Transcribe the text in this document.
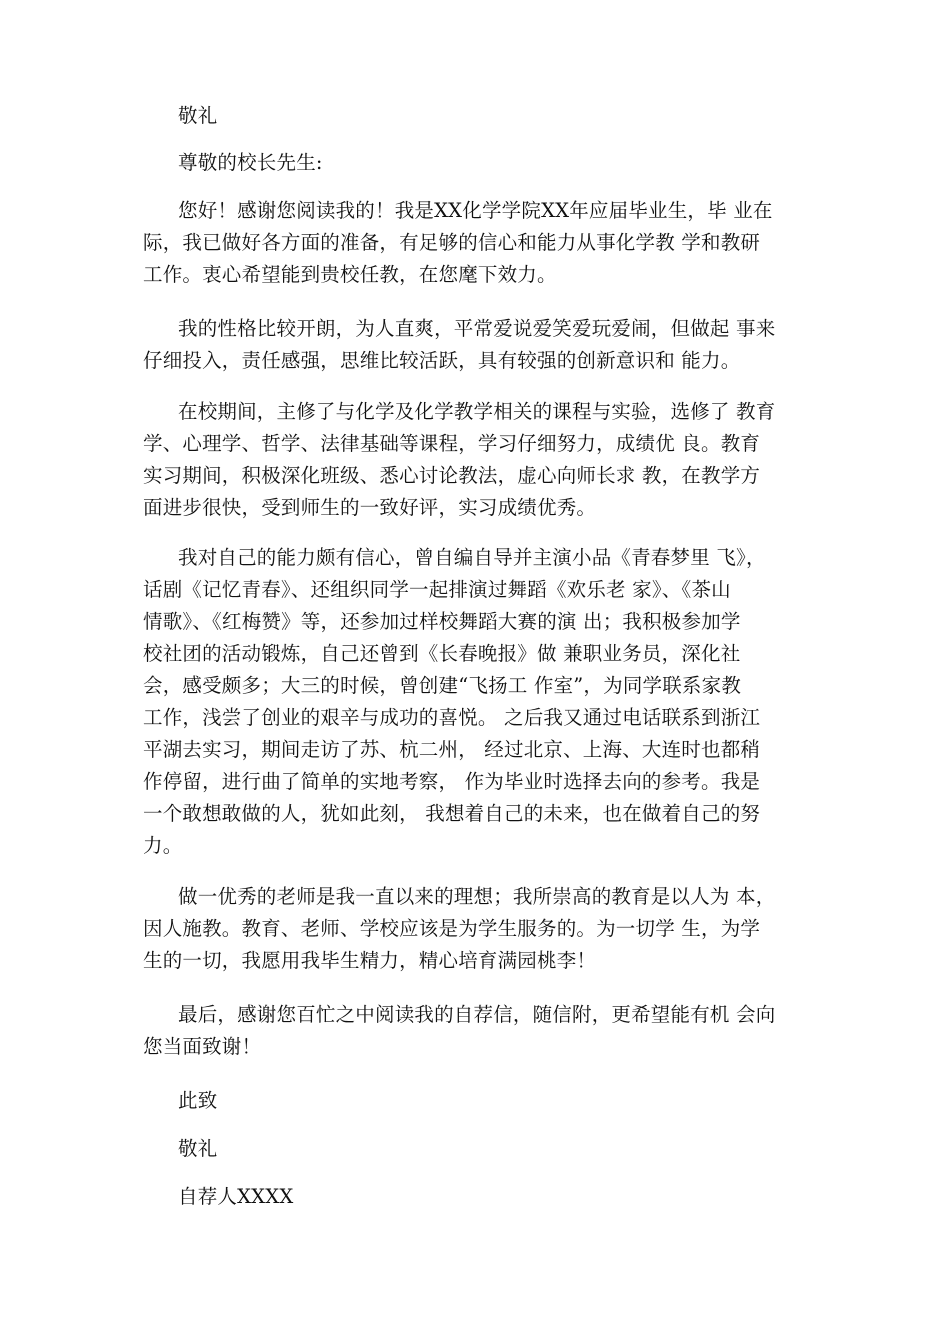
敬礼

尊敬的校长先生:

您好！感谢您阅读我的！我是XX化学学院XX年应届毕业生，毕 业在

际，我已做好各方面的准备，有足够的信心和能力从事化学教 学和教研

工作。衷心希望能到贵校任教，在您麾下效力。

我的性格比较开朗，为人直爽，平常爱说爱笑爱玩爱闹，但做起 事来

仔细投入，责任感强，思维比较活跃，具有较强的创新意识和 能力。

在校期间，主修了与化学及化学教学相关的课程与实验，选修了 教育

学、心理学、哲学、法律基础等课程，学习仔细努力，成绩优 良。教育

实习期间，积极深化班级、悉心讨论教法，虚心向师长求 教，在教学方

面进步很快，受到师生的一致好评，实习成绩优秀。

我对自己的能力颇有信心，曾自编自导并主演小品《青春梦里 飞》，

话剧《记忆青春》、还组织同学一起排演过舞蹈《欢乐老 家》、《茶山

情歌》、《红梅赞》等，还参加过样校舞蹈大赛的演 出；我积极参加学

校社团的活动锻炼，自己还曾到《长春晚报》做 兼职业务员，深化社

会，感受颇多；大三的时候，曾创建“飞扬工 作室”，为同学联系家教

工作，浅尝了创业的艰辛与成功的喜悦。 之后我又通过电话联系到浙江

平湖去实习，期间走访了苏、杭二州， 经过北京、上海、大连时也都稍

作停留，进行曲了简单的实地考察， 作为毕业时选择去向的参考。我是

一个敢想敢做的人，犹如此刻， 我想着自己的未来，也在做着自己的努

力。

做一优秀的老师是我一直以来的理想；我所崇高的教育是以人为 本，

因人施教。教育、老师、学校应该是为学生服务的。为一切学 生，为学

生的一切，我愿用我毕生精力，精心培育满园桃李！

最后，感谢您百忙之中阅读我的自荐信，随信附，更希望能有机 会向

您当面致谢！

此致

敬礼

自荐人XXXX
